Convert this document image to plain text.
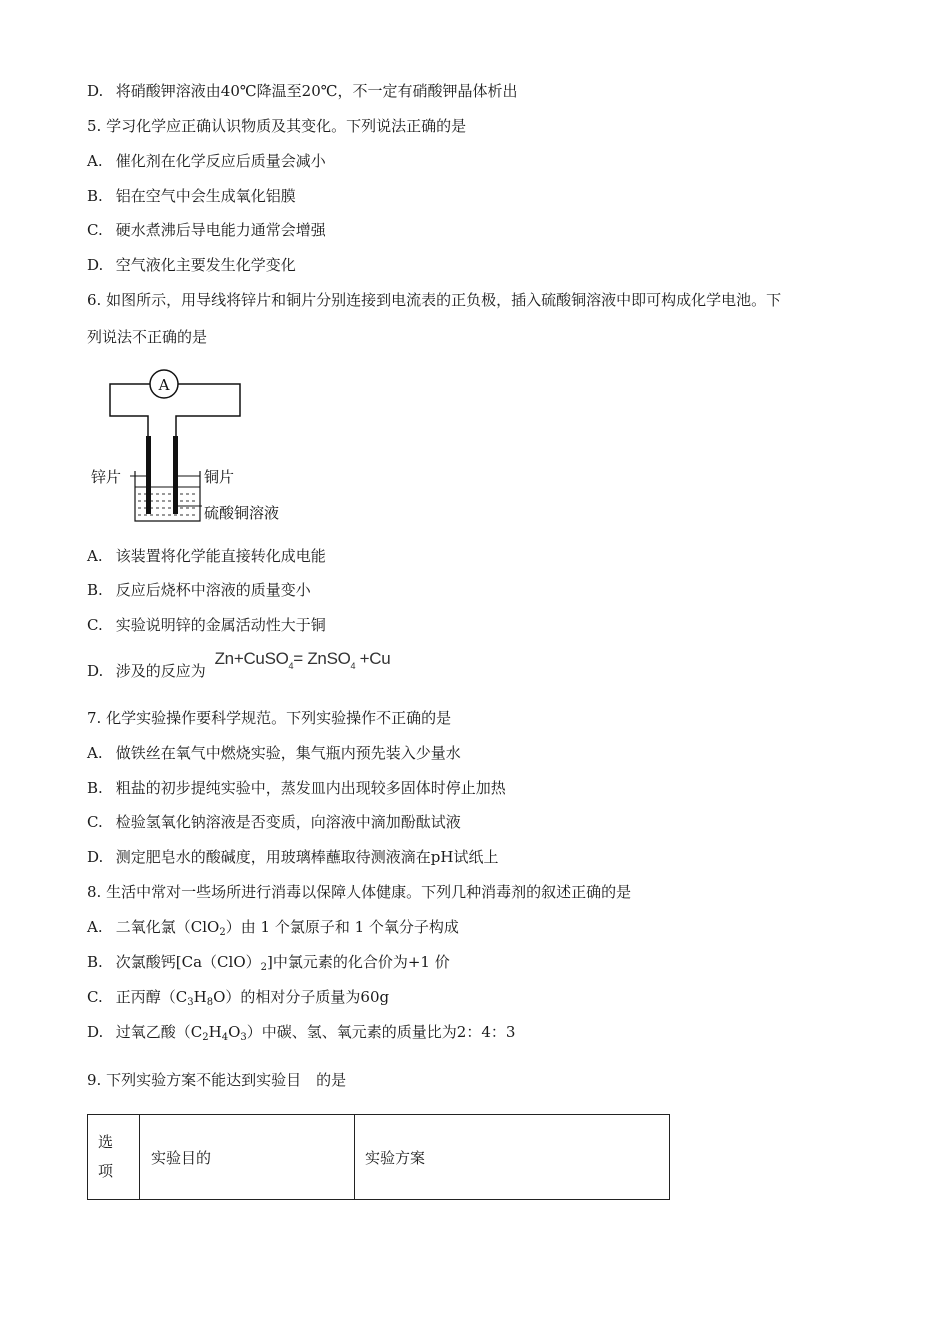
D. 将硝酸钾溶液由40℃降温至20℃，不一定有硝酸钾晶体析出
5. 学习化学应正确认识物质及其变化。下列说法正确的是
A. 催化剂在化学反应后质量会减小
B. 铝在空气中会生成氧化铝膜
C. 硬水煮沸后导电能力通常会增强
D. 空气液化主要发生化学变化
6. 如图所示，用导线将锌片和铜片分别连接到电流表的正负极，插入硫酸铜溶液中即可构成化学电池。下
列说法不正确的是
A
锌片	铜片
硫酸铜溶液
A. 该装置将化学能直接转化成电能
B. 反应后烧杯中溶液的质量变小
C. 实验说明锌的金属活动性大于铜
D. 涉及的反应为 Zn+CuSO$_4$= ZnSO$_4$ +Cu
7. 化学实验操作要科学规范。下列实验操作不正确的是
A. 做铁丝在氧气中燃烧实验，集气瓶内预先装入少量水
B. 粗盐的初步提纯实验中，蒸发皿内出现较多固体时停止加热
C. 检验氢氧化钠溶液是否变质，向溶液中滴加酚酞试液
D. 测定肥皂水的酸碱度，用玻璃棒蘸取待测液滴在pH试纸上
8. 生活中常对一些场所进行消毒以保障人体健康。下列几种消毒剂的叙述正确的是
A. 二氧化氯（ClO$_2$）由 1 个氯原子和 1 个氧分子构成
B. 次氯酸钙$[Ca(ClO)_2]$中氯元素的化合价为+1 价
C. 正丙醇$(C_3H_8O)$的相对分子质量为60g
D. 过氧乙酸$(C_2H_4O_3)$中碳、氢、氧元素的质量比为2：4：3
9. 下列实验方案不能达到实验目　的是
选
项
	实验目的	实验方案
